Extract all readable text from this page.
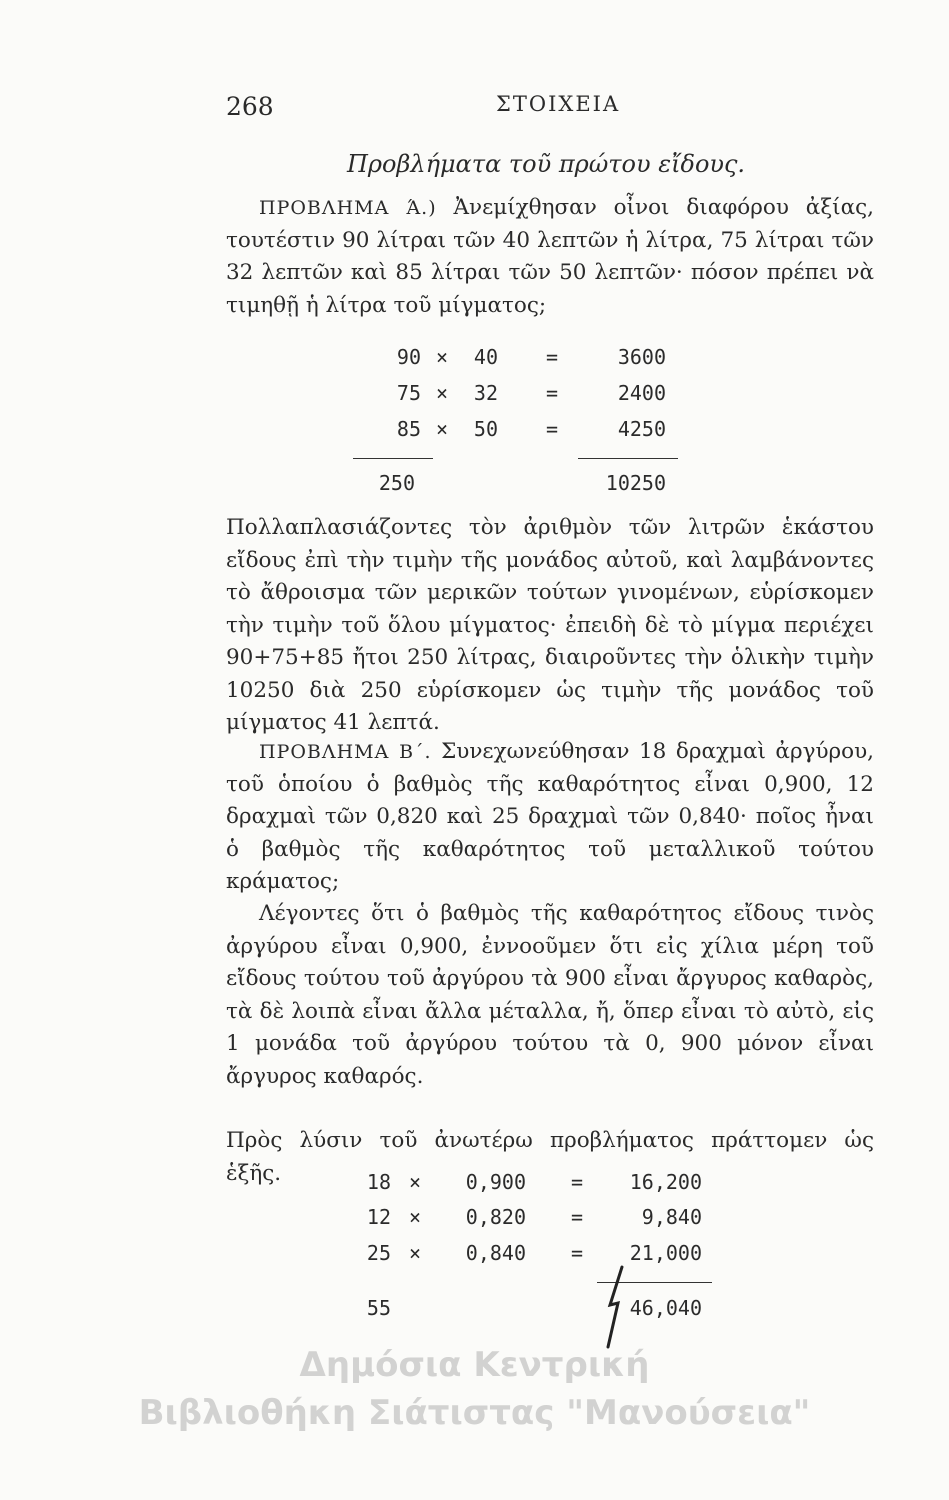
268	ΣΤΟΙΧΕΙΑ
Προβλήματα τοῦ πρώτου εἴδους.
ΠΡΟΒΛΗΜΑ Ά.) Ἀνεμίχθησαν οἶνοι διαφόρου ἀξίας, τουτέστιν 90 λίτραι τῶν 40 λεπτῶν ἡ λίτρα, 75 λίτραι τῶν 32 λεπτῶν καὶ 85 λίτραι τῶν 50 λεπτῶν· πόσον πρέπει νὰ τιμηθῇ ἡ λίτρα τοῦ μίγματος;
90 ×	40	=	3600
75 ×	32	=	2400
85 ×	50	=	4250
250	10250
Πολλαπλασιάζοντες τὸν ἀριθμὸν τῶν λιτρῶν ἑκάστου εἴδους ἐπὶ τὴν τιμὴν τῆς μονάδος αὐτοῦ, καὶ λαμβάνοντες τὸ ἄθροισμα τῶν μερικῶν τούτων γινομένων, εὑρίσκομεν τὴν τιμὴν τοῦ ὅλου μίγματος· ἐπειδὴ δὲ τὸ μίγμα περιέχει 90+75+85 ἤτοι 250 λίτρας, διαιροῦντες τὴν ὁλικὴν τιμὴν 10250 διὰ 250 εὑρίσκομεν ὡς τιμὴν τῆς μονάδος τοῦ μίγματος 41 λεπτά.
ΠΡΟΒΛΗΜΑ Β΄. Συνεχωνεύθησαν 18 δραχμαὶ ἀργύρου, τοῦ ὁποίου ὁ βαθμὸς τῆς καθαρότητος εἶναι 0,900, 12 δραχμαὶ τῶν 0,820 καὶ 25 δραχμαὶ τῶν 0,840· ποῖος ἦναι ὁ βαθμὸς τῆς καθαρότητος τοῦ μεταλλικοῦ τούτου κράματος;
Λέγοντες ὅτι ὁ βαθμὸς τῆς καθαρότητος εἴδους τινὸς ἀργύρου εἶναι 0,900, ἐννοοῦμεν ὅτι εἰς χίλια μέρη τοῦ εἴδους τούτου τοῦ ἀργύρου τὰ 900 εἶναι ἄργυρος καθαρὸς, τὰ δὲ λοιπὰ εἶναι ἄλλα μέταλλα, ἤ, ὅπερ εἶναι τὸ αὐτὸ, εἰς 1 μονάδα τοῦ ἀργύρου τούτου τὰ 0, 900 μόνον εἶναι ἄργυρος καθαρός.
Πρὸς λύσιν τοῦ ἀνωτέρω προβλήματος πράττομεν ὡς ἑξῆς.	18 ×	0,900	=	16,200
12 ×	0,820	=	9,840
25 ×	0,840	=	21,000
55	46,040
Δημόσια Κεντρική
Βιβλιοθήκη Σιάτιστας "Μανούσεια"
